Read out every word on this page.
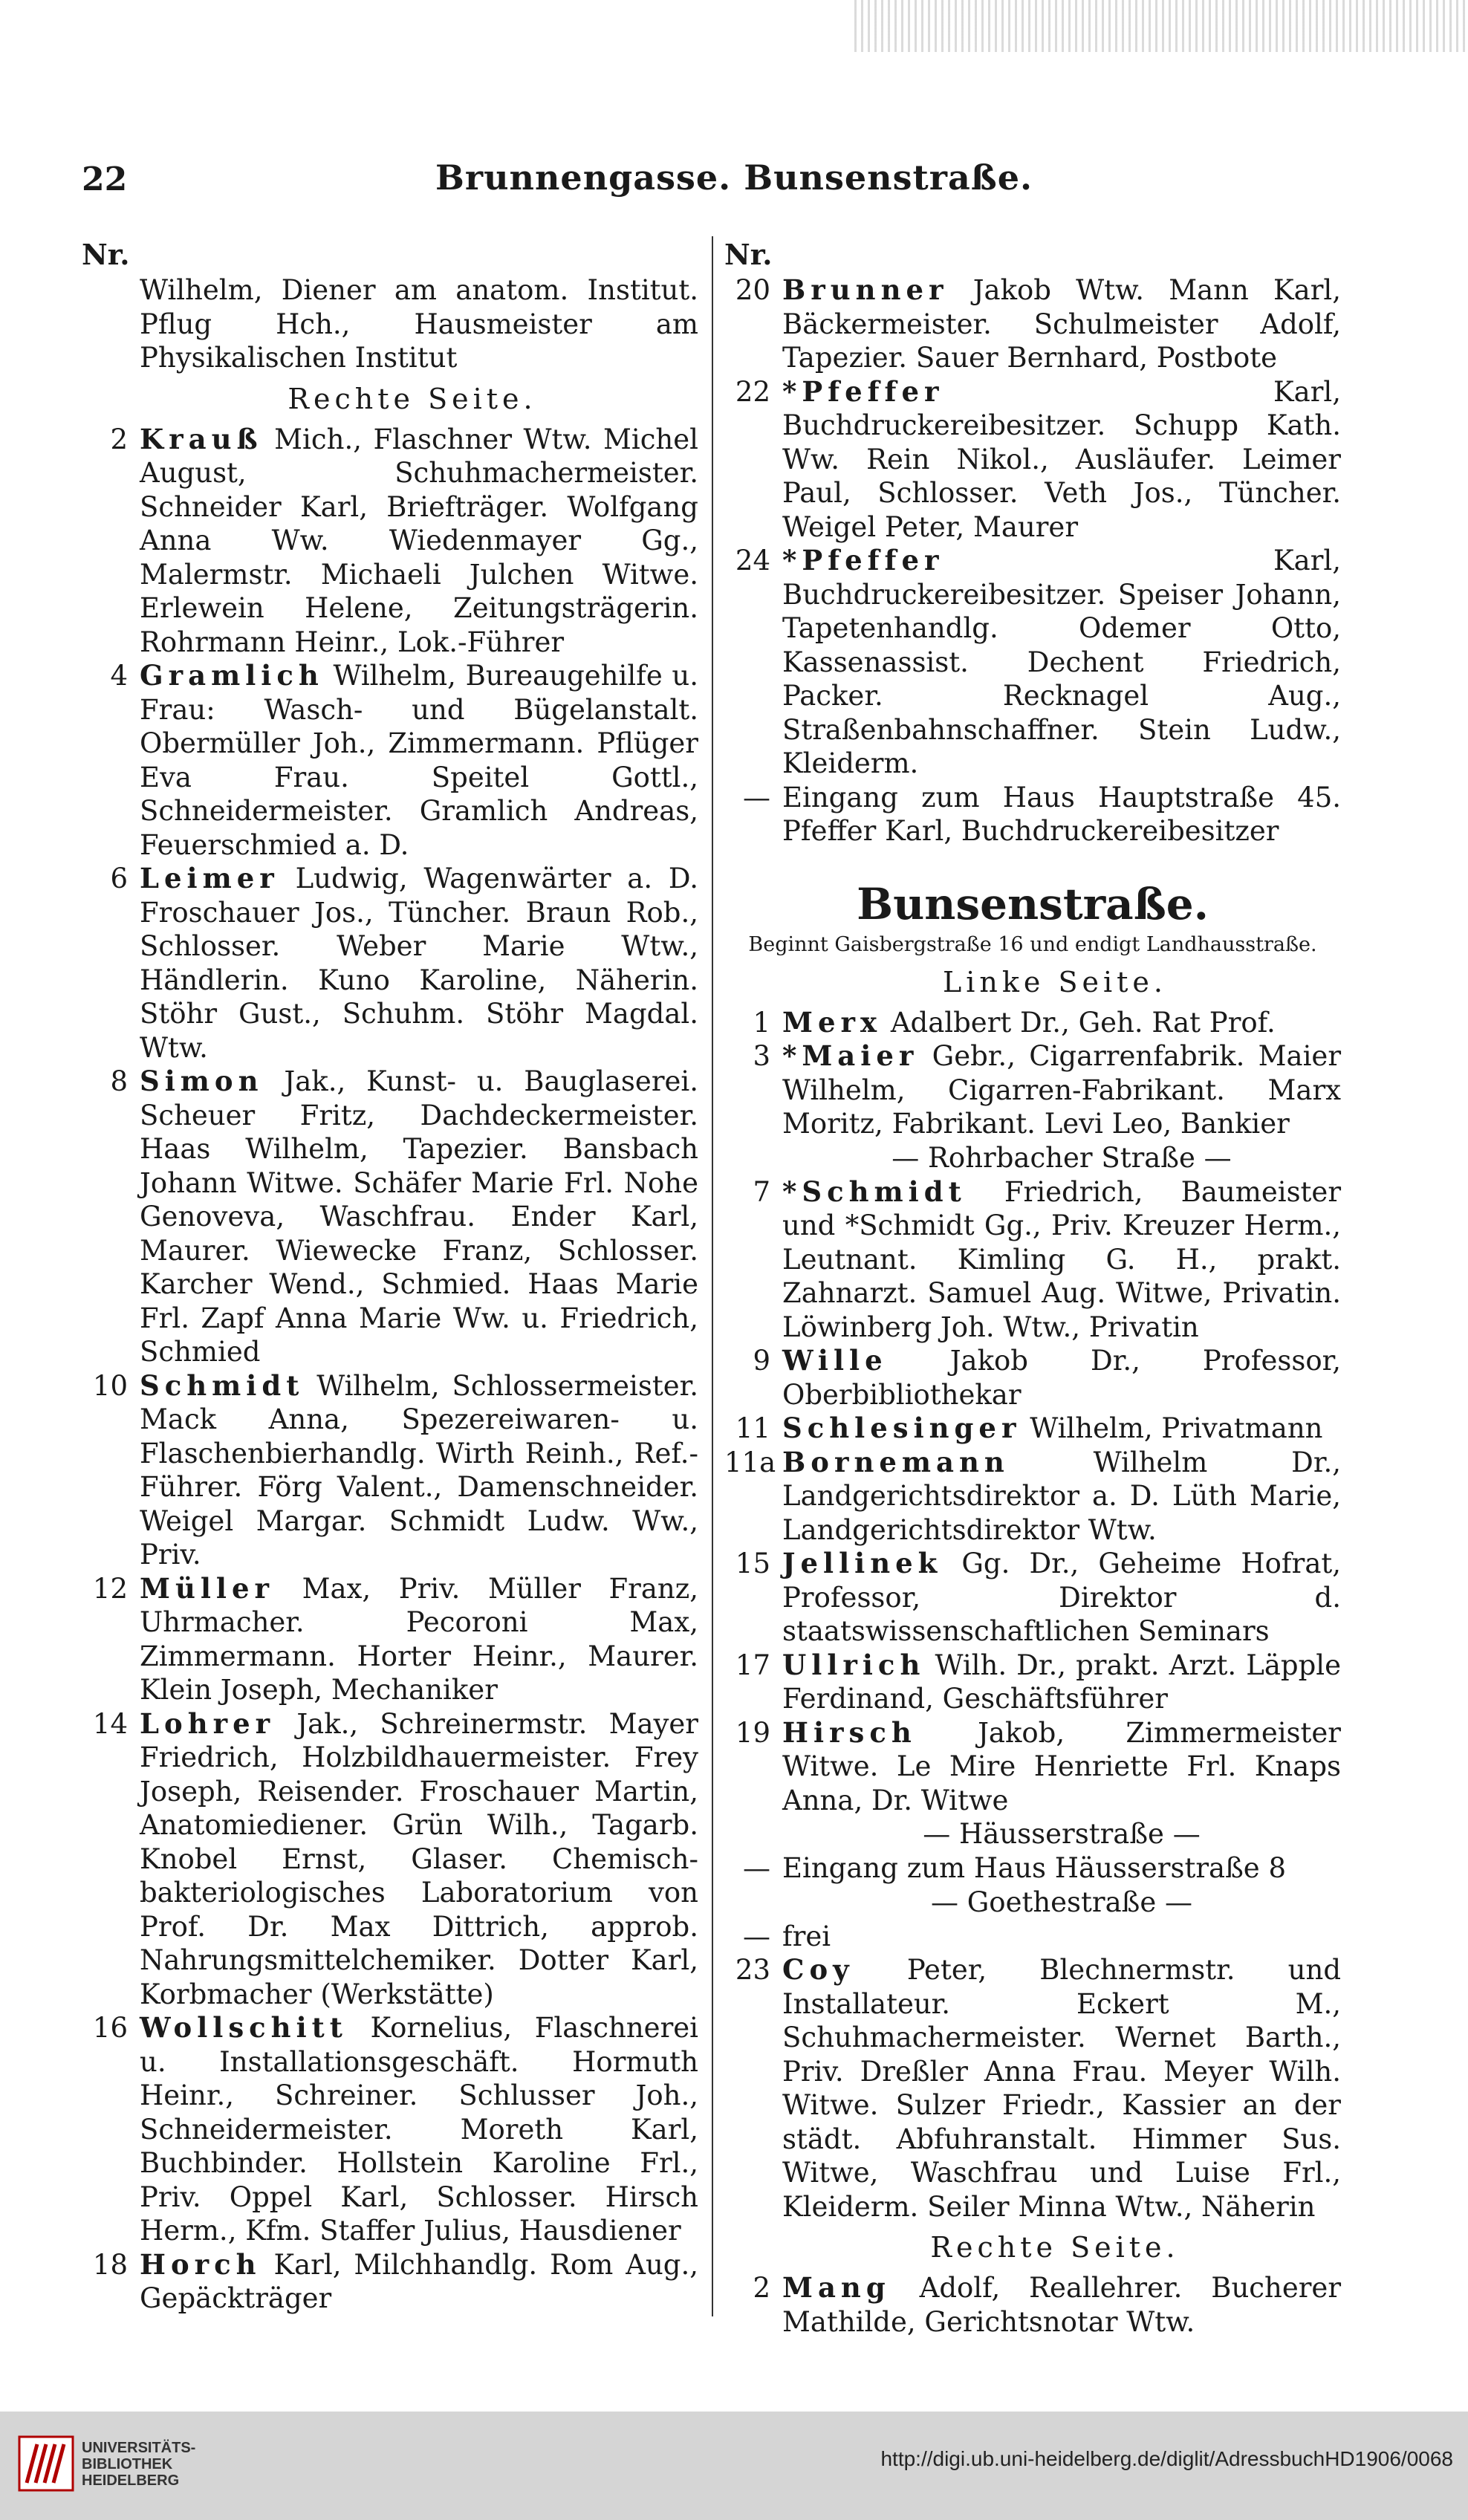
22	Brunnengasse. Bunsenstraße.
Nr.
Wilhelm, Diener am anatom. Institut. Pflug Hch., Hausmeister am Physikalischen Institut
Rechte Seite.
2 Krauß Mich., Flaschner Wtw. Michel August, Schuhmachermeister. Schneider Karl, Briefträger. Wolfgang Anna Ww. Wiedenmayer Gg., Malermstr. Michaeli Julchen Witwe. Erlewein Helene, Zeitungsträgerin. Rohrmann Heinr., Lok.-Führer
4 Gramlich Wilhelm, Bureaugehilfe u. Frau: Wasch- und Bügelanstalt. Obermüller Joh., Zimmermann. Pflüger Eva Frau. Speitel Gottl., Schneidermeister. Gramlich Andreas, Feuerschmied a. D.
6 Leimer Ludwig, Wagenwärter a. D. Froschauer Jos., Tüncher. Braun Rob., Schlosser. Weber Marie Wtw., Händlerin. Kuno Karoline, Näherin. Stöhr Gust., Schuhm. Stöhr Magdal. Wtw.
8 Simon Jak., Kunst- u. Bauglaserei. Scheuer Fritz, Dachdeckermeister. Haas Wilhelm, Tapezier. Bansbach Johann Witwe. Schäfer Marie Frl. Nohe Genoveva, Waschfrau. Ender Karl, Maurer. Wiewecke Franz, Schlosser. Karcher Wend., Schmied. Haas Marie Frl. Zapf Anna Marie Ww. u. Friedrich, Schmied
10 Schmidt Wilhelm, Schlossermeister. Mack Anna, Spezereiwaren- u. Flaschenbierhandlg. Wirth Reinh., Ref.-Führer. Förg Valent., Damenschneider. Weigel Margar. Schmidt Ludw. Ww., Priv.
12 Müller Max, Priv. Müller Franz, Uhrmacher. Pecoroni Max, Zimmermann. Horter Heinr., Maurer. Klein Joseph, Mechaniker
14 Lohrer Jak., Schreinermstr. Mayer Friedrich, Holzbildhauermeister. Frey Joseph, Reisender. Froschauer Martin, Anatomiediener. Grün Wilh., Tagarb. Knobel Ernst, Glaser. Chemisch-bakteriologisches Laboratorium von Prof. Dr. Max Dittrich, approb. Nahrungsmittelchemiker. Dotter Karl, Korbmacher (Werkstätte)
16 Wollschitt Kornelius, Flaschnerei u. Installationsgeschäft. Hormuth Heinr., Schreiner. Schlusser Joh., Schneidermeister. Moreth Karl, Buchbinder. Hollstein Karoline Frl., Priv. Oppel Karl, Schlosser. Hirsch Herm., Kfm. Staffer Julius, Hausdiener
18 Horch Karl, Milchhandlg. Rom Aug., Gepäckträger
Nr.
20 Brunner Jakob Wtw. Mann Karl, Bäckermeister. Schulmeister Adolf, Tapezier. Sauer Bernhard, Postbote
22 *Pfeffer	Karl, Buchdruckereibesitzer. Schupp Kath. Ww. Rein Nikol., Ausläufer. Leimer Paul, Schlosser. Veth Jos., Tüncher. Weigel Peter, Maurer
24 *Pfeffer	Karl, Buchdruckereibesitzer. Speiser Johann, Tapetenhandlg. Odemer Otto, Kassenassist. Dechent Friedrich, Packer. Recknagel Aug., Straßenbahnschaffner. Stein Ludw., Kleiderm.
— Eingang zum Haus Hauptstraße 45. Pfeffer Karl, Buchdruckereibesitzer
Bunsenstraße.
Beginnt Gaisbergstraße 16 und endigt Landhausstraße.
Linke Seite.
1 Merx Adalbert Dr., Geh. Rat Prof.
3 *Maier Gebr., Cigarrenfabrik. Maier Wilhelm, Cigarren-Fabrikant. Marx Moritz, Fabrikant. Levi Leo, Bankier
— Rohrbacher Straße —
7 *Schmidt Friedrich, Baumeister und *Schmidt Gg., Priv. Kreuzer Herm., Leutnant. Kimling G. H., prakt. Zahnarzt. Samuel Aug. Witwe, Privatin. Löwinberg Joh. Wtw., Privatin
9 Wille Jakob Dr., Professor, Oberbibliothekar
11 Schlesinger Wilhelm, Privatmann
11a Bornemann	Wilhelm Dr., Landgerichtsdirektor a. D. Lüth Marie, Landgerichtsdirektor Wtw.
15 Jellinek Gg. Dr., Geheime Hofrat, Professor, Direktor d. staatswissenschaftlichen Seminars
17 Ullrich Wilh. Dr., prakt. Arzt. Läpple Ferdinand, Geschäftsführer
19 Hirsch Jakob, Zimmermeister Witwe. Le Mire Henriette Frl. Knaps Anna, Dr. Witwe
— Häusserstraße —
— Eingang zum Haus Häusserstraße 8
— Goethestraße —
— frei
23 Coy Peter, Blechnermstr. und Installateur. Eckert M., Schuhmachermeister. Wernet Barth., Priv. Dreßler Anna Frau. Meyer Wilh. Witwe. Sulzer Friedr., Kassier an der städt. Abfuhranstalt. Himmer Sus. Witwe, Waschfrau und Luise Frl., Kleiderm. Seiler Minna Wtw., Näherin
Rechte Seite.
2 Mang Adolf, Reallehrer. Bucherer Mathilde, Gerichtsnotar Wtw.
UNIVERSITÄTS-
BIBLIOTHEK
HEIDELBERG
http://digi.ub.uni-heidelberg.de/diglit/AdressbuchHD1906/0068
